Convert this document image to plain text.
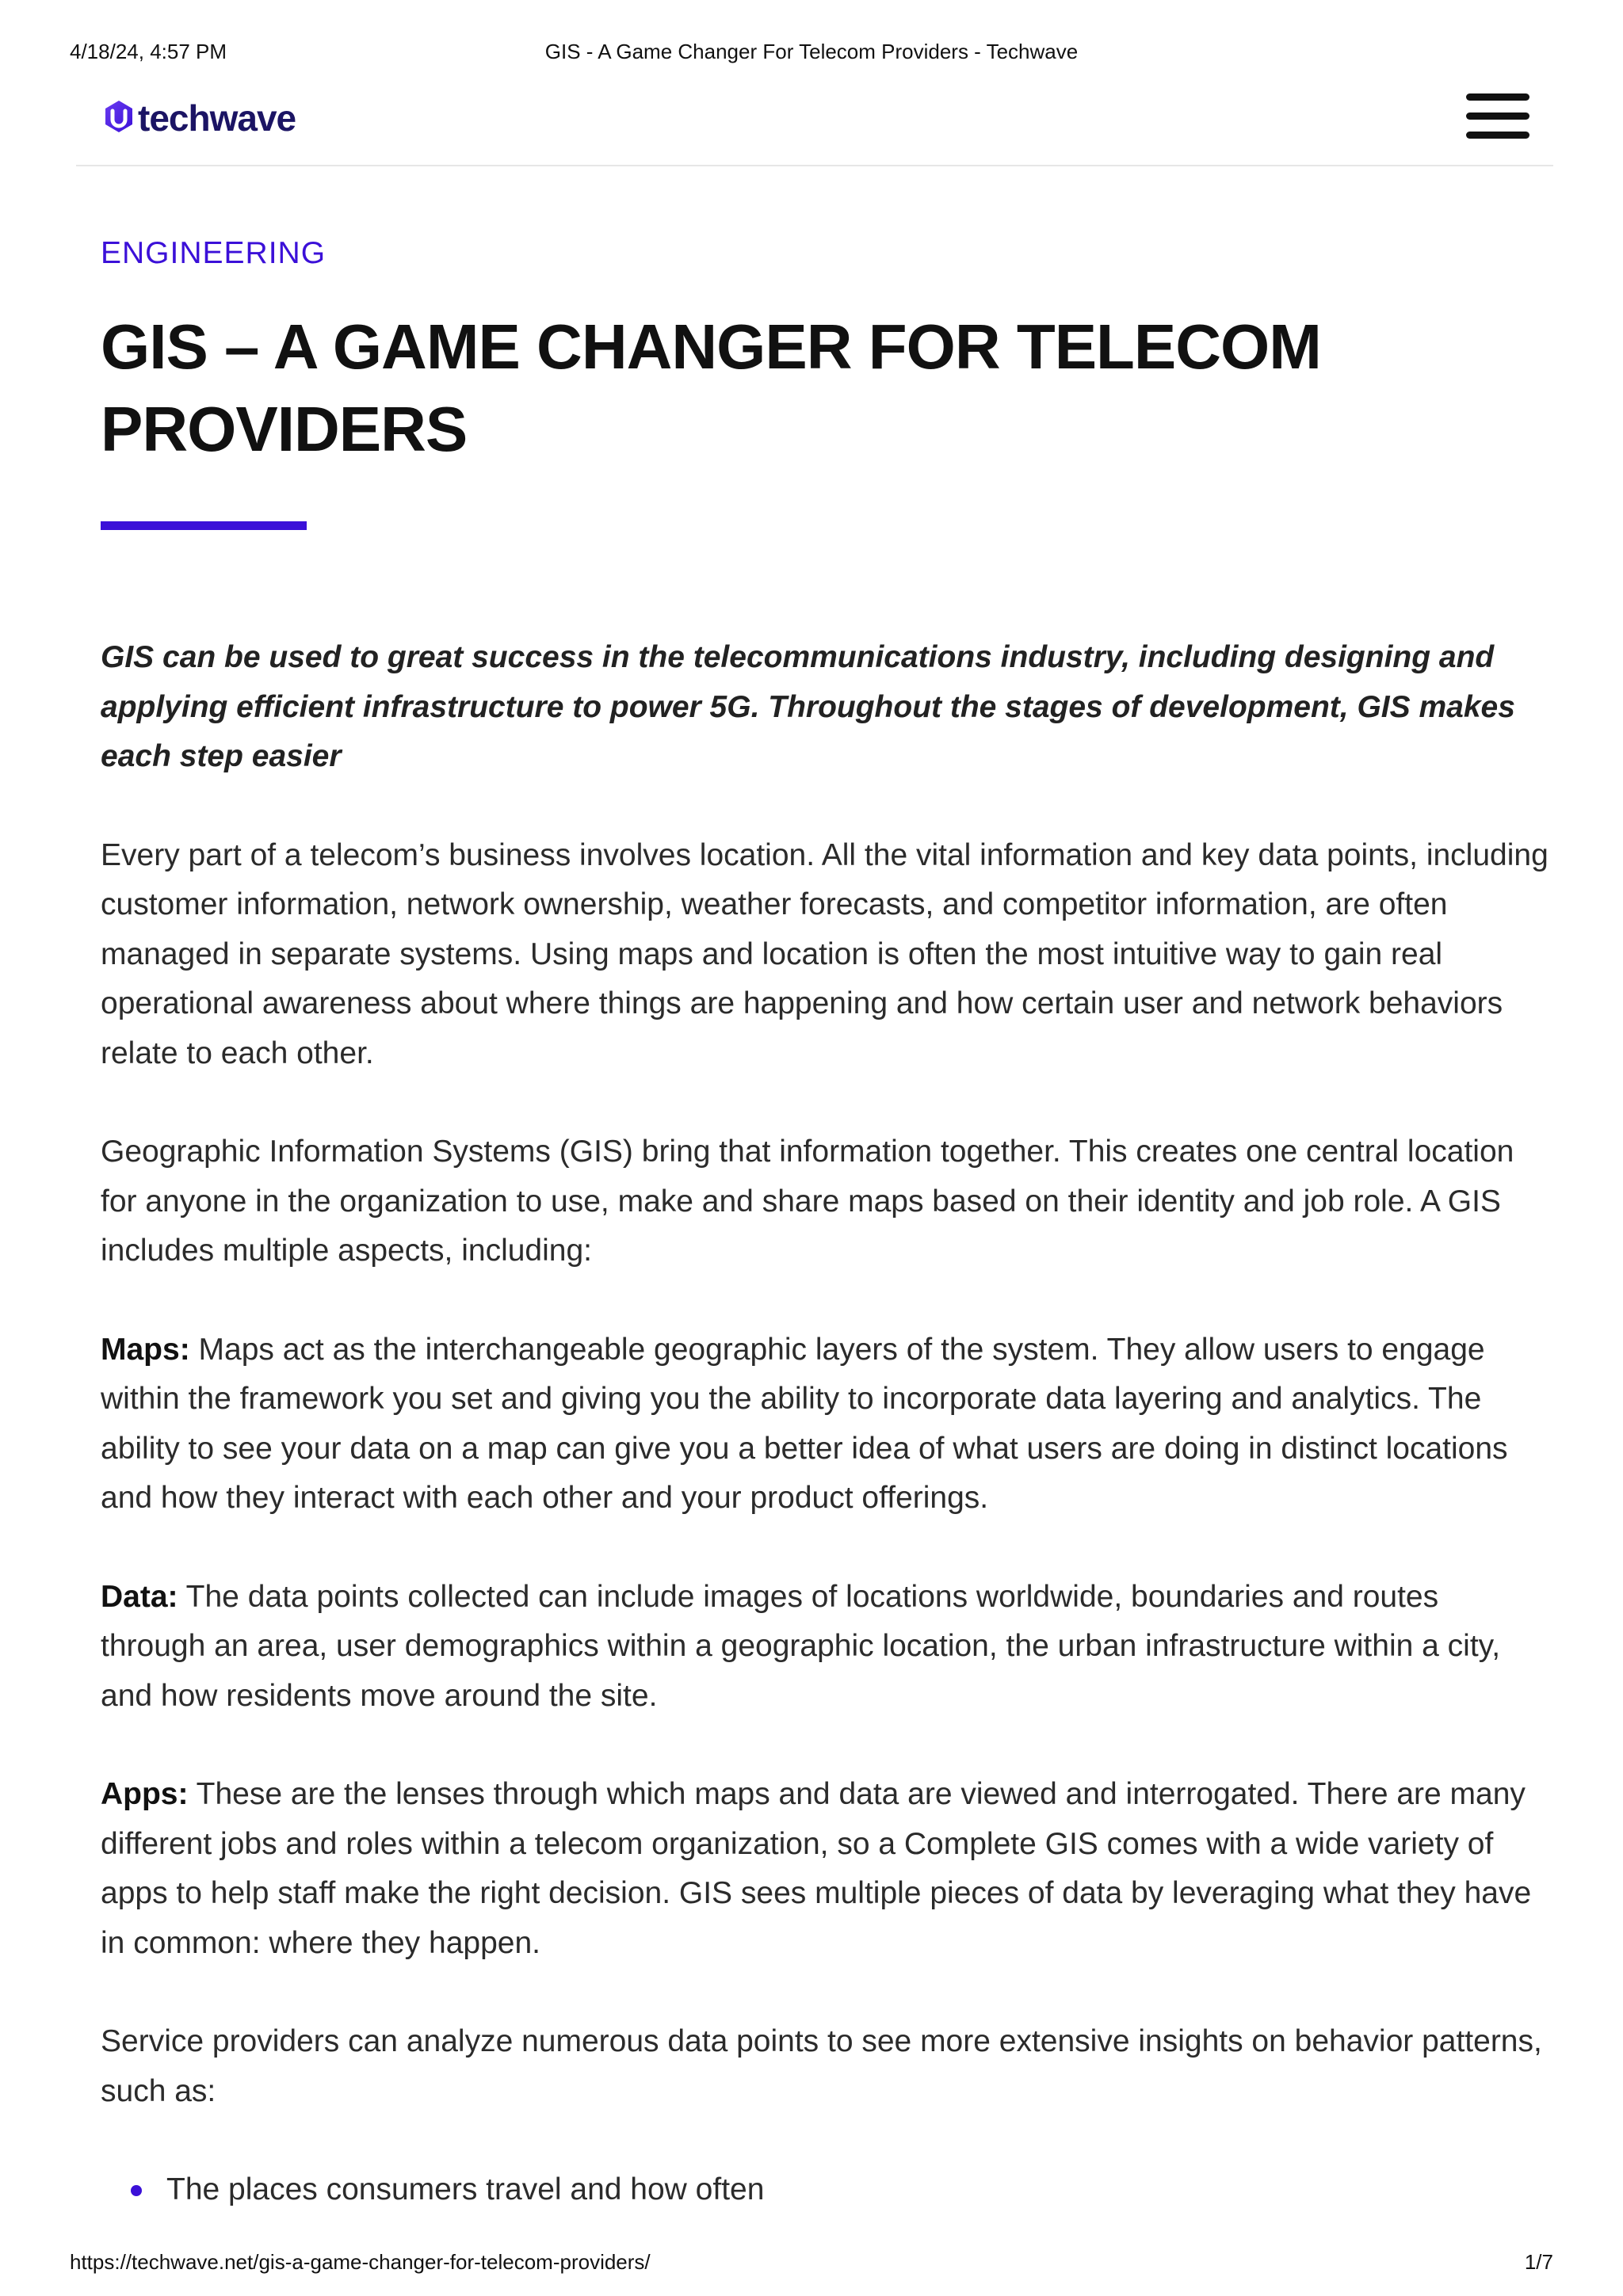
4/18/24, 4:57 PM	GIS - A Game Changer For Telecom Providers - Techwave
techwave
ENGINEERING
GIS – A GAME CHANGER FOR TELECOM PROVIDERS

GIS can be used to great success in the telecommunications industry, including designing and applying efficient infrastructure to power 5G. Throughout the stages of development, GIS makes each step easier

Every part of a telecom’s business involves location. All the vital information and key data points, including customer information, network ownership, weather forecasts, and competitor information, are often managed in separate systems. Using maps and location is often the most intuitive way to gain real operational awareness about where things are happening and how certain user and network behaviors relate to each other.

Geographic Information Systems (GIS) bring that information together. This creates one central location for anyone in the organization to use, make and share maps based on their identity and job role. A GIS includes multiple aspects, including:

Maps: Maps act as the interchangeable geographic layers of the system. They allow users to engage within the framework you set and giving you the ability to incorporate data layering and analytics. The ability to see your data on a map can give you a better idea of what users are doing in distinct locations and how they interact with each other and your product offerings.

Data: The data points collected can include images of locations worldwide, boundaries and routes through an area, user demographics within a geographic location, the urban infrastructure within a city, and how residents move around the site.

Apps: These are the lenses through which maps and data are viewed and interrogated. There are many different jobs and roles within a telecom organization, so a Complete GIS comes with a wide variety of apps to help staff make the right decision. GIS sees multiple pieces of data by leveraging what they have in common: where they happen.

Service providers can analyze numerous data points to see more extensive insights on behavior patterns, such as:

The places consumers travel and how often
https://techwave.net/gis-a-game-changer-for-telecom-providers/	1/7
